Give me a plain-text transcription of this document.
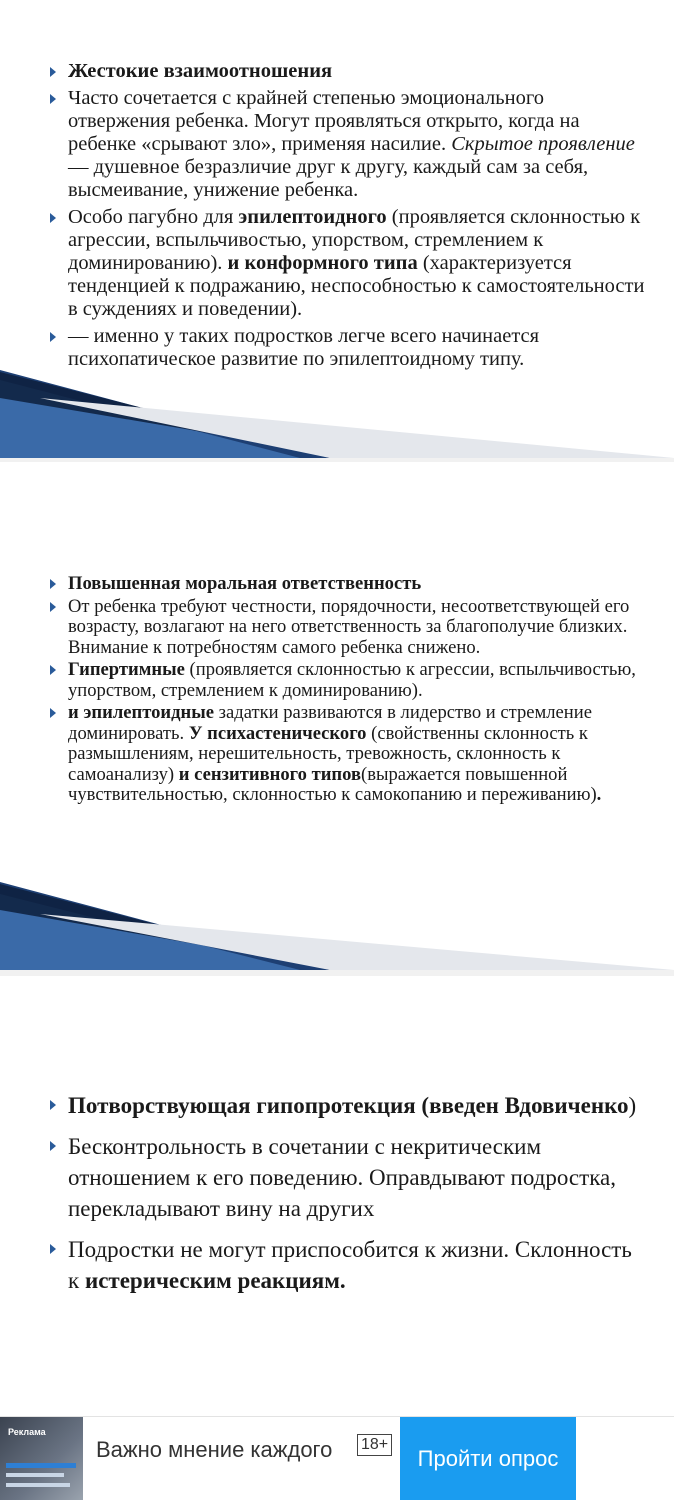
Жестокие взаимоотношения
Часто сочетается с крайней степенью эмоционального отвержения ребенка. Могут проявляться открыто, когда на ребенке «срывают зло», применяя насилие. Скрытое проявление — душевное безразличие друг к другу, каждый сам за себя, высмеивание, унижение ребенка.
Особо пагубно для эпилептоидного (проявляется склонностью к агрессии, вспыльчивостью, упорством, стремлением к доминированию). и конформного типа (характеризуется тенденцией к подражанию, неспособностью к самостоятельности в суждениях и поведении).
— именно у таких подростков легче всего начинается психопатическое развитие по эпилептоидному типу.
Повышенная моральная ответственность
От ребенка требуют честности, порядочности, несоответствующей его возрасту, возлагают на него ответственность за благополучие близких. Внимание к потребностям самого ребенка снижено.
Гипертимные (проявляется склонностью к агрессии, вспыльчивостью, упорством, стремлением к доминированию).
и эпилептоидные задатки развиваются в лидерство и стремление доминировать. У психастенического (свойственны склонность к размышлениям, нерешительность, тревожность, склонность к самоанализу) и сензитивного типов(выражается повышенной чувствительностью, склонностью к самокопанию и переживанию).
Потворствующая гипопротекция (введен Вдовиченко)
Бесконтрольность в сочетании с некритическим отношением к его поведению. Оправдывают подростка, перекладывают вину на других
Подростки не могут приспособится к жизни. Склонность к истерическим реакциям.
Реклама
Важно мнение каждого 18+
Пройти опрос
